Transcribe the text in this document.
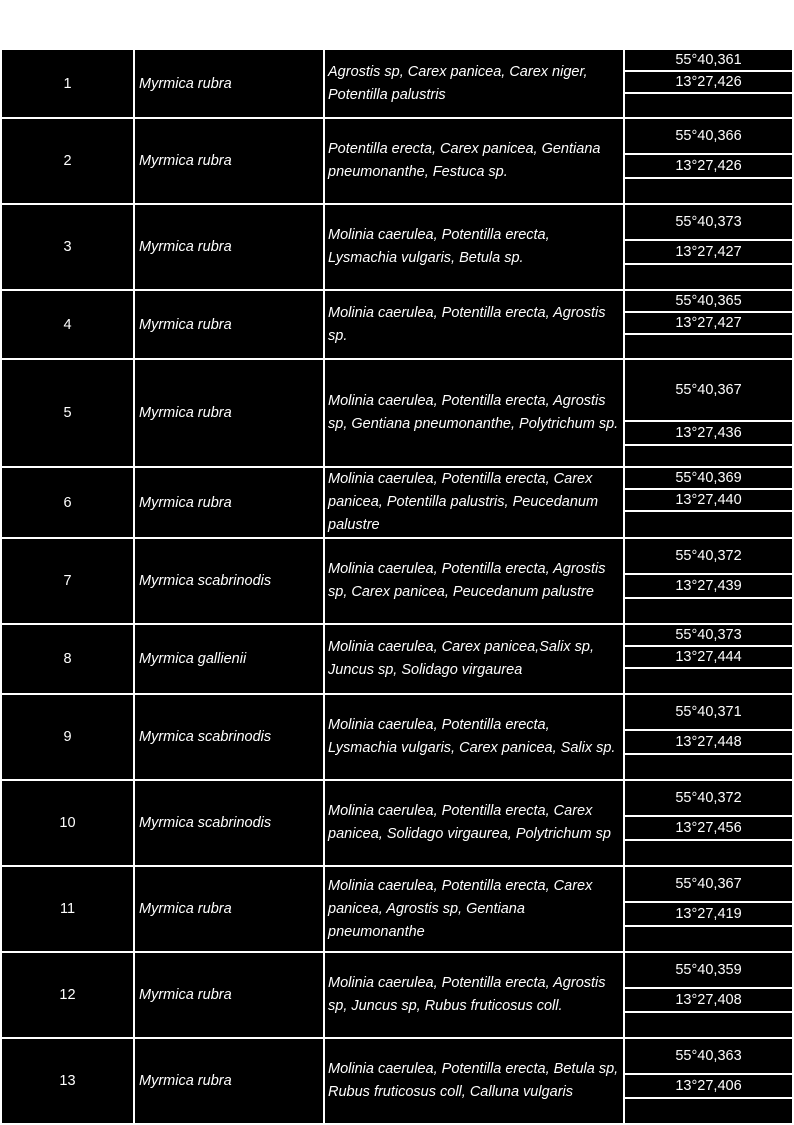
1	Myrmica rubra	Agrostis sp, Carex panicea, Carex niger, Potentilla palustris	55°40,361
13°27,426

2	Myrmica rubra	Potentilla erecta, Carex panicea, Gentiana pneumonanthe, Festuca sp.	55°40,366
13°27,426

3	Myrmica rubra	Molinia caerulea, Potentilla erecta, Lysmachia vulgaris, Betula sp.	55°40,373
13°27,427

4	Myrmica rubra	Molinia caerulea, Potentilla erecta, Agrostis sp.	55°40,365
13°27,427

5	Myrmica rubra	Molinia caerulea, Potentilla erecta, Agrostis sp, Gentiana pneumonanthe, Polytrichum sp.	55°40,367
13°27,436

6	Myrmica rubra	Molinia caerulea, Potentilla erecta, Carex panicea, Potentilla palustris, Peucedanum palustre	55°40,369
13°27,440

7	Myrmica scabrinodis	Molinia caerulea, Potentilla erecta, Agrostis sp, Carex panicea, Peucedanum palustre	55°40,372
13°27,439

8	Myrmica gallienii	Molinia caerulea, Carex panicea,Salix sp, Juncus sp, Solidago virgaurea	55°40,373
13°27,444

9	Myrmica scabrinodis	Molinia caerulea, Potentilla erecta, Lysmachia vulgaris, Carex panicea, Salix sp.	55°40,371
13°27,448

10	Myrmica scabrinodis	Molinia caerulea, Potentilla erecta, Carex panicea, Solidago virgaurea, Polytrichum sp	55°40,372
13°27,456

11	Myrmica rubra	Molinia caerulea, Potentilla erecta, Carex panicea, Agrostis sp, Gentiana pneumonanthe	55°40,367
13°27,419

12	Myrmica rubra	Molinia caerulea, Potentilla erecta, Agrostis sp, Juncus sp, Rubus fruticosus coll.	55°40,359
13°27,408

13	Myrmica rubra	Molinia caerulea, Potentilla erecta, Betula sp, Rubus fruticosus coll, Calluna vulgaris	55°40,363
13°27,406
